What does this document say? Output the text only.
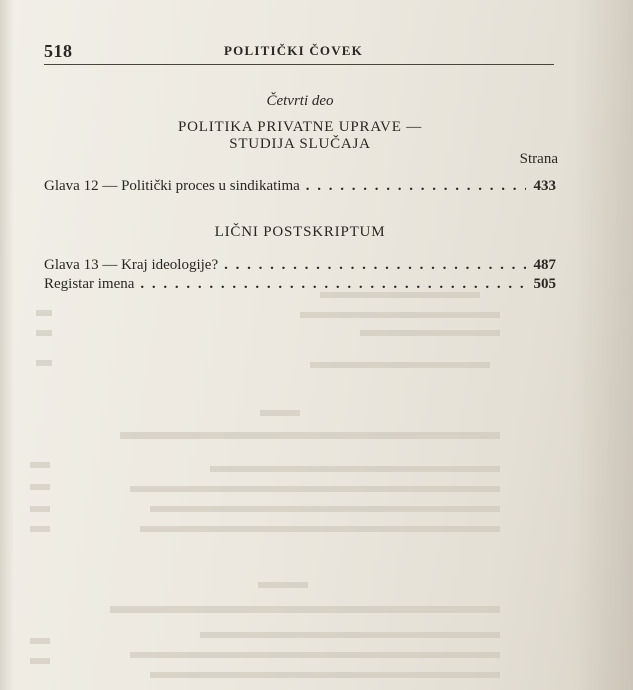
518	POLITIČKI ČOVEK
Četvrti deo
POLITIKA PRIVATNE UPRAVE —
STUDIJA SLUČAJA
Strana
Glava 12 — Politički proces u sindikatima . . .	433
LIČNI POSTSKRIPTUM
Glava 13 — Kraj ideologije? . . .	487
Registar imena . . .	505
